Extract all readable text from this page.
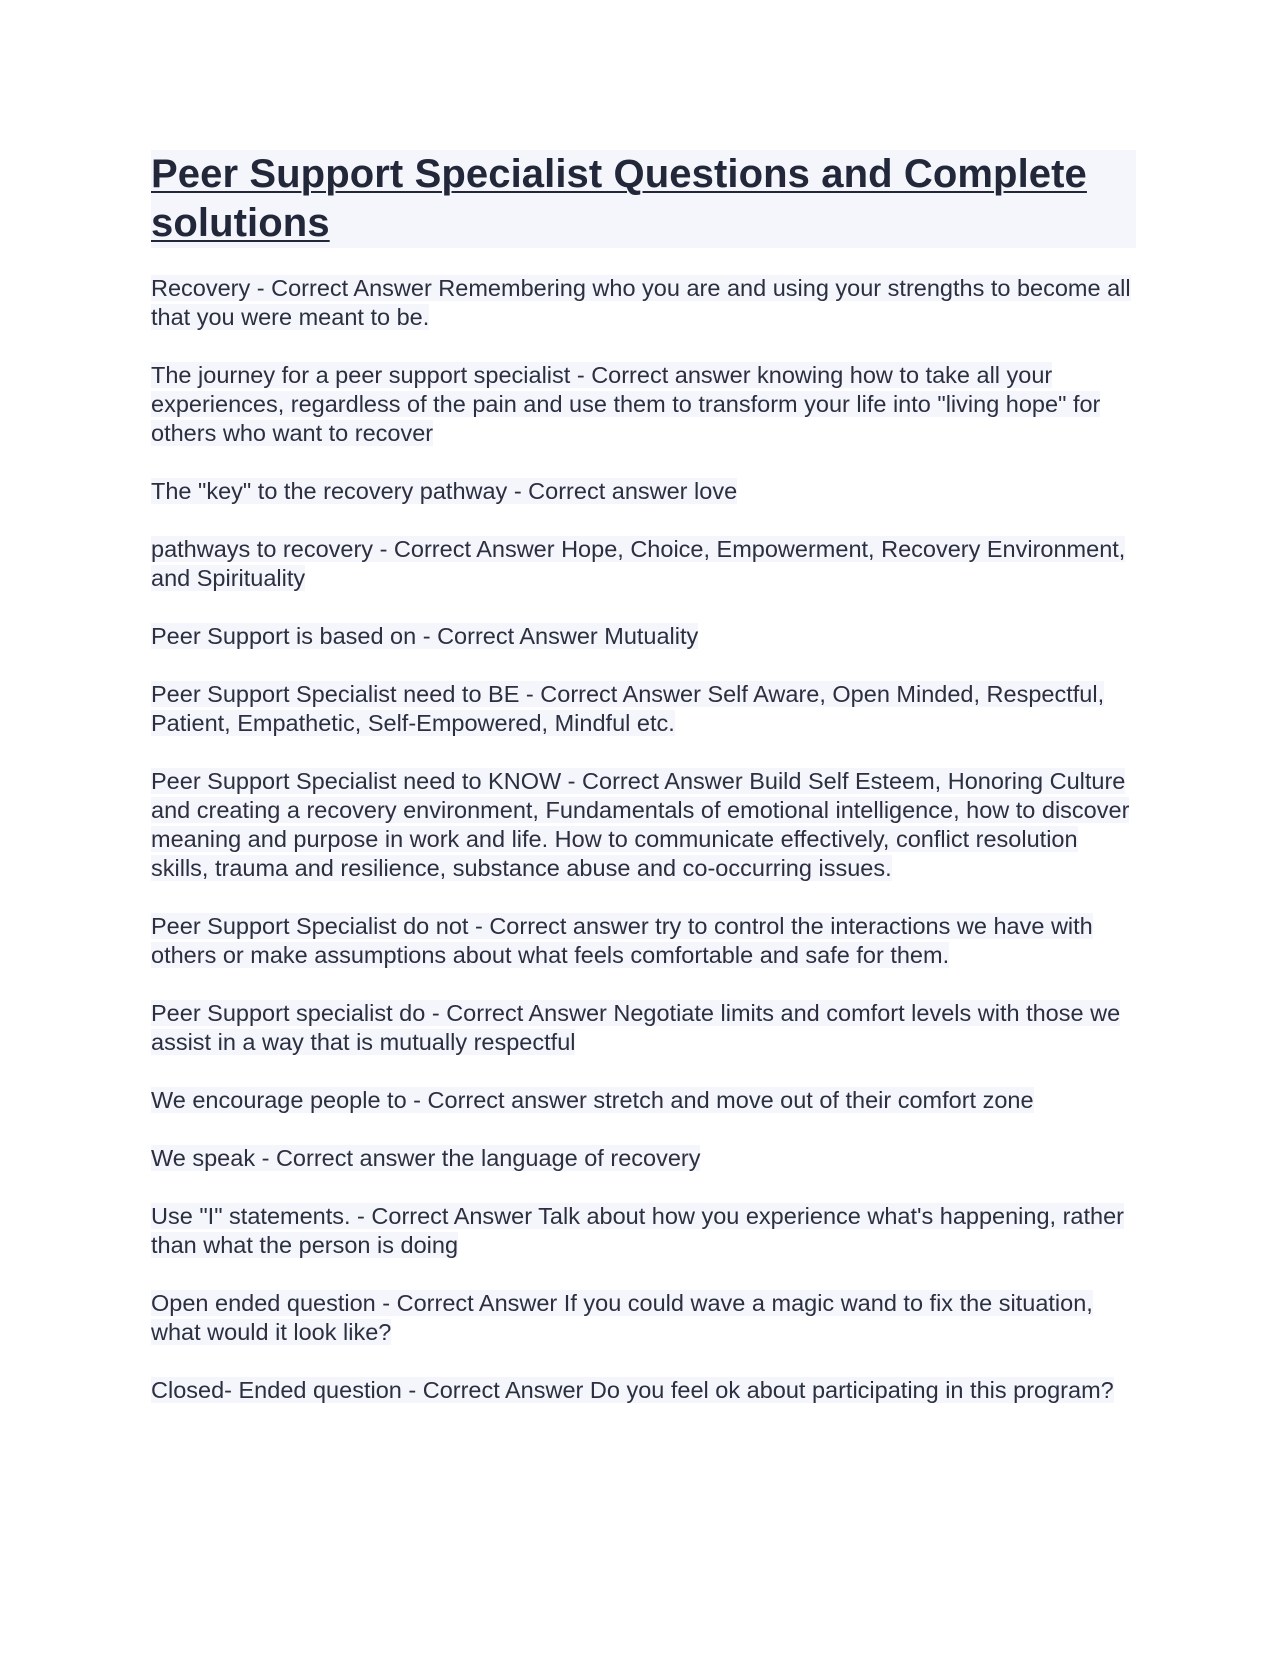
Peer Support Specialist Questions and Complete solutions

Recovery - Correct Answer Remembering who you are and using your strengths to become all that you were meant to be.

The journey for a peer support specialist - Correct answer knowing how to take all your experiences, regardless of the pain and use them to transform your life into "living hope" for others who want to recover

The "key" to the recovery pathway - Correct answer love

pathways to recovery - Correct Answer Hope, Choice, Empowerment, Recovery Environment, and Spirituality

Peer Support is based on - Correct Answer Mutuality

Peer Support Specialist need to BE - Correct Answer Self Aware, Open Minded, Respectful, Patient, Empathetic, Self-Empowered, Mindful etc.

Peer Support Specialist need to KNOW - Correct Answer Build Self Esteem, Honoring Culture and creating a recovery environment, Fundamentals of emotional intelligence, how to discover meaning and purpose in work and life. How to communicate effectively, conflict resolution skills, trauma and resilience, substance abuse and co-occurring issues.

Peer Support Specialist do not - Correct answer try to control the interactions we have with others or make assumptions about what feels comfortable and safe for them.

Peer Support specialist do - Correct Answer Negotiate limits and comfort levels with those we assist in a way that is mutually respectful

We encourage people to - Correct answer stretch and move out of their comfort zone

We speak - Correct answer the language of recovery

Use "I" statements. - Correct Answer Talk about how you experience what's happening, rather than what the person is doing

Open ended question - Correct Answer If you could wave a magic wand to fix the situation, what would it look like?

Closed- Ended question - Correct Answer Do you feel ok about participating in this program?
